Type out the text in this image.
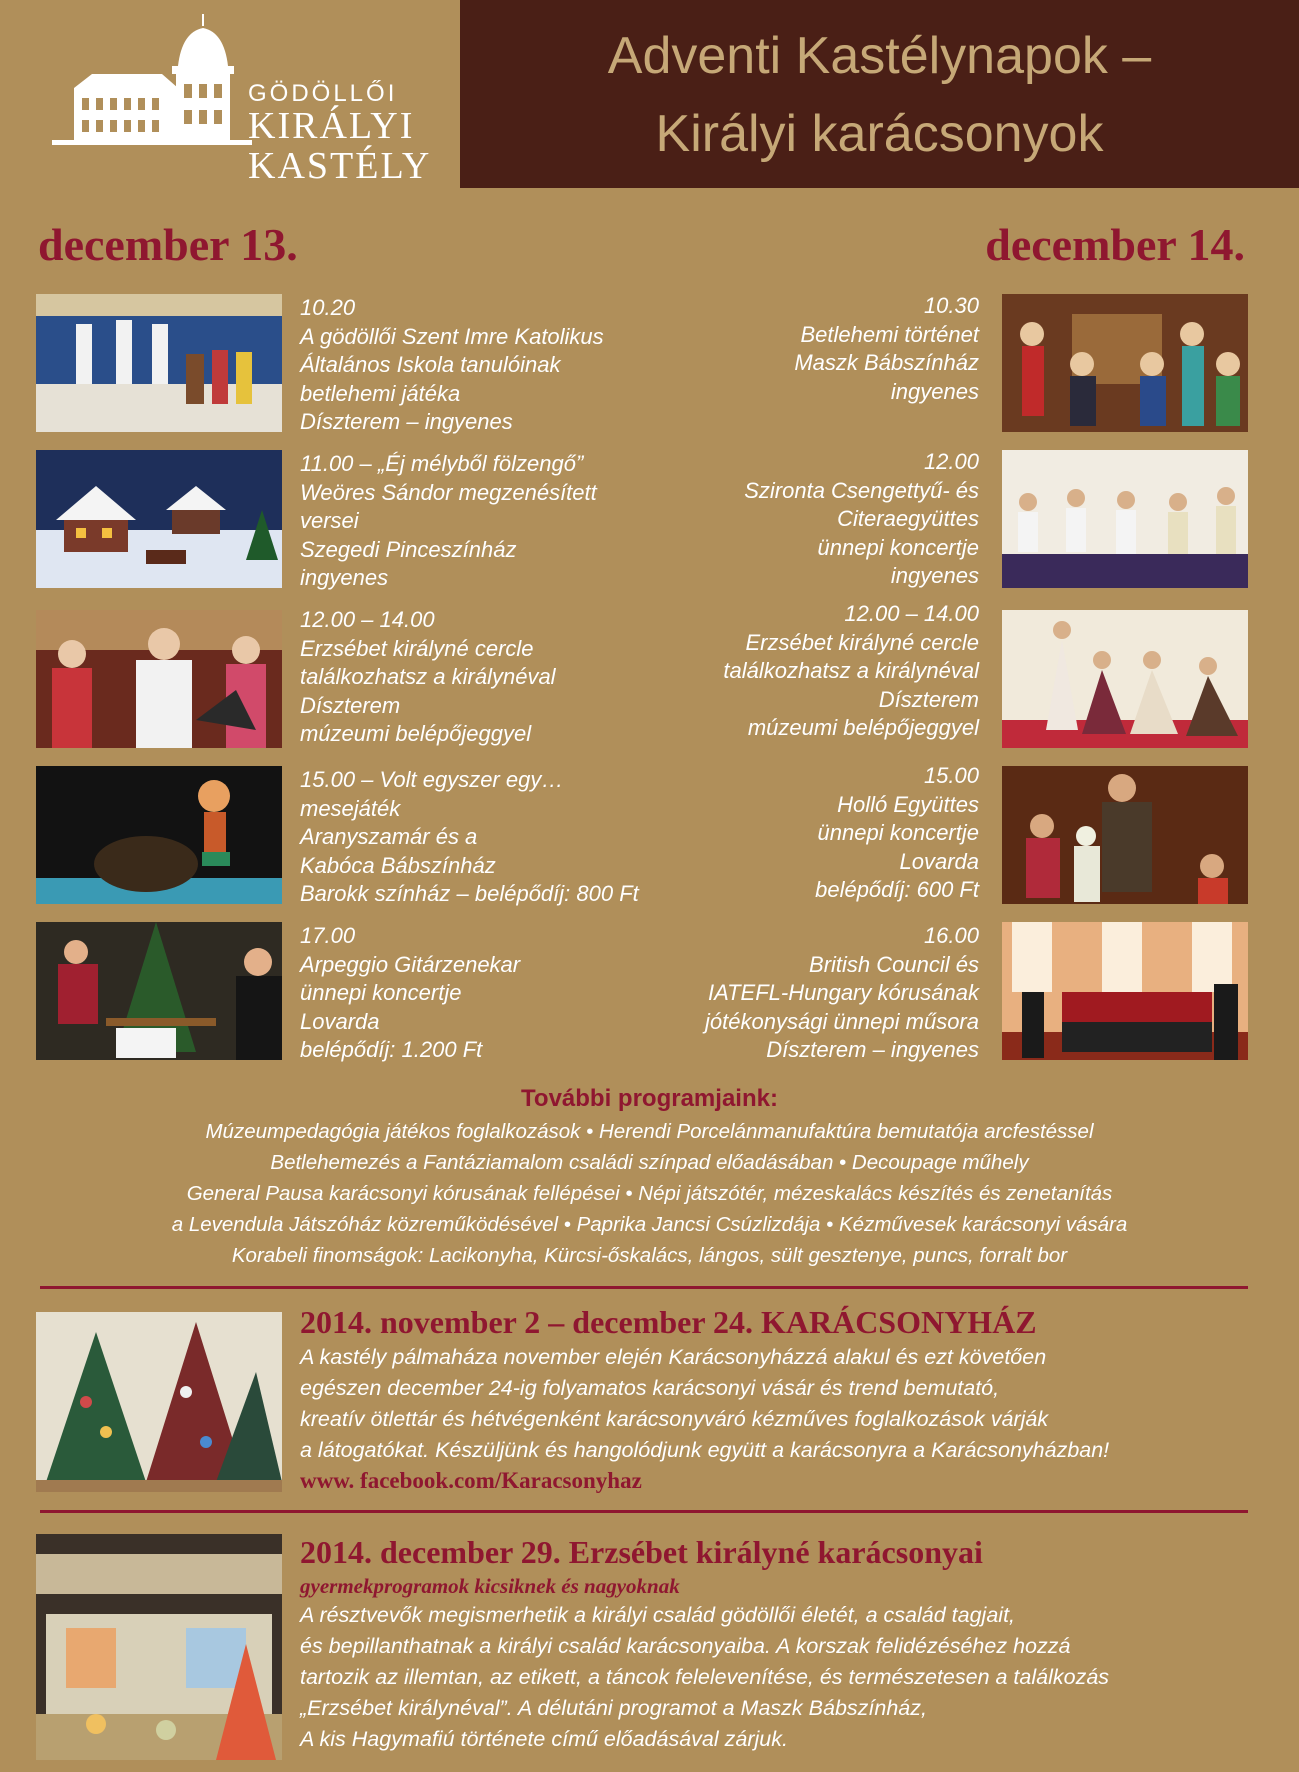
GÖDÖLLŐI
KIRÁLYI
KASTÉLY
Adventi Kastélynapok –
Királyi karácsonyok
december 13.	december 14.
10.20
A gödöllői Szent Imre Katolikus
Általános Iskola tanulóinak
betlehemi játéka
Díszterem – ingyenes
11.00 – „Éj mélyből fölzengő”
Weöres Sándor megzenésített
versei
Szegedi Pinceszínház
ingyenes
12.00 – 14.00
Erzsébet királyné cercle
találkozhatsz a királynéval
Díszterem
múzeumi belépőjeggyel
15.00 – Volt egyszer egy…
mesejáték
Aranyszamár és a
Kabóca Bábszínház
Barokk színház – belépődíj: 800 Ft
17.00
Arpeggio Gitárzenekar
ünnepi koncertje
Lovarda
belépődíj: 1.200 Ft
10.30
Betlehemi történet
Maszk Bábszínház
ingyenes
12.00
Szironta Csengettyű- és
Citeraegyüttes
ünnepi koncertje
ingyenes
12.00 – 14.00
Erzsébet királyné cercle
találkozhatsz a királynéval
Díszterem
múzeumi belépőjeggyel
15.00
Holló Együttes
ünnepi koncertje
Lovarda
belépődíj: 600 Ft
16.00
British Council és
IATEFL-Hungary kórusának
jótékonysági ünnepi műsora
Díszterem – ingyenes
További programjaink:
Múzeumpedagógia játékos foglalkozások • Herendi Porcelánmanufaktúra bemutatója arcfestéssel
Betlehemezés a Fantáziamalom családi színpad előadásában • Decoupage műhely
General Pausa karácsonyi kórusának fellépései • Népi játszótér, mézeskalács készítés és zenetanítás
a Levendula Játszóház közreműködésével • Paprika Jancsi Csúzlizdája • Kézművesek karácsonyi vására
Korabeli finomságok: Lacikonyha, Kürcsi-őskalács, lángos, sült gesztenye, puncs, forralt bor
2014. november 2 – december 24. KARÁCSONYHÁZ
A kastély pálmaháza november elején Karácsonyházzá alakul és ezt követően
egészen december 24-ig folyamatos karácsonyi vásár és trend bemutató,
kreatív ötlettár és hétvégenként karácsonyváró kézműves foglalkozások várják
a látogatókat. Készüljünk és hangolódjunk együtt a karácsonyra a Karácsonyházban!
www. facebook.com/Karacsonyhaz
2014. december 29. Erzsébet királyné karácsonyai
gyermekprogramok kicsiknek és nagyoknak
A résztvevők megismerhetik a királyi család gödöllői életét, a család tagjait,
és bepillanthatnak a királyi család karácsonyaiba. A korszak felidézéséhez hozzá
tartozik az illemtan, az etikett, a táncok felelevenítése, és természetesen a találkozás
„Erzsébet királynéval”. A délutáni programot a Maszk Bábszínház,
A kis Hagymafiú története című előadásával zárjuk.
